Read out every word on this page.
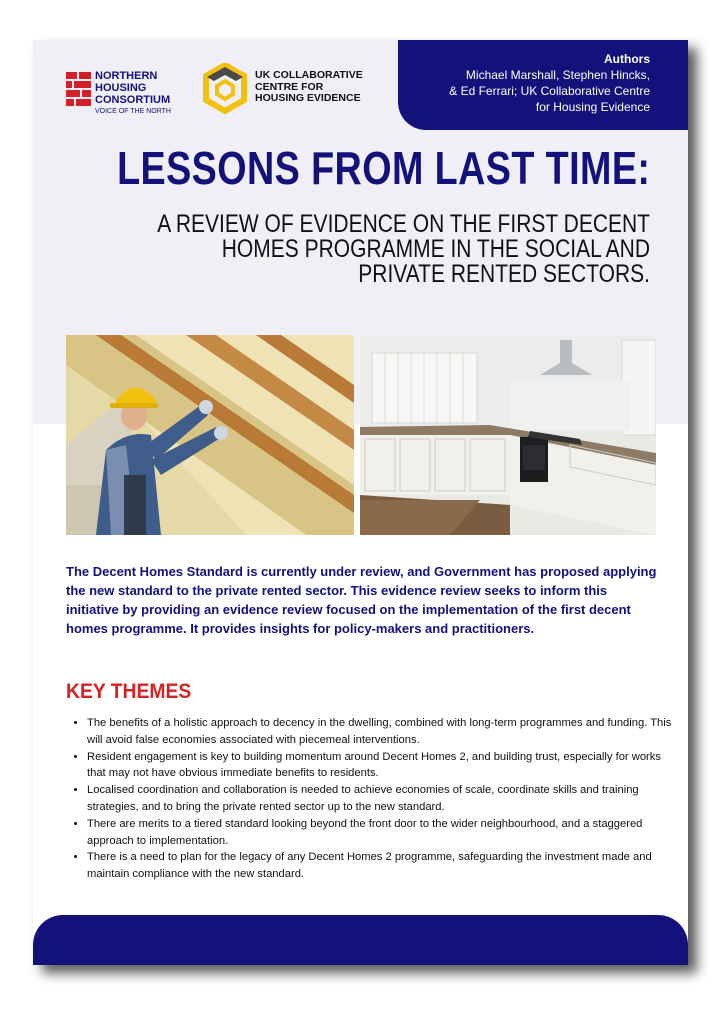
Authors
Michael Marshall, Stephen Hincks,
& Ed Ferrari; UK Collaborative Centre
for Housing Evidence
NORTHERN
HOUSING
CONSORTIUM
VOICE OF THE NORTH
UK COLLABORATIVE
CENTRE FOR
HOUSING EVIDENCE
LESSONS FROM LAST TIME:
A REVIEW OF EVIDENCE ON THE FIRST DECENT
HOMES PROGRAMME IN THE SOCIAL AND
PRIVATE RENTED SECTORS.
The Decent Homes Standard is currently under review, and Government has proposed applying the new standard to the private rented sector. This evidence review seeks to inform this initiative by providing an evidence review focused on the implementation of the first decent homes programme. It provides insights for policy-makers and practitioners.
KEY THEMES
• The benefits of a holistic approach to decency in the dwelling, combined with long-term programmes and funding. This will avoid false economies associated with piecemeal interventions.
• Resident engagement is key to building momentum around Decent Homes 2, and building trust, especially for works that may not have obvious immediate benefits to residents.
• Localised coordination and collaboration is needed to achieve economies of scale, coordinate skills and training strategies, and to bring the private rented sector up to the new standard.
• There are merits to a tiered standard looking beyond the front door to the wider neighbourhood, and a staggered approach to implementation.
• There is a need to plan for the legacy of any Decent Homes 2 programme, safeguarding the investment made and maintain compliance with the new standard.
